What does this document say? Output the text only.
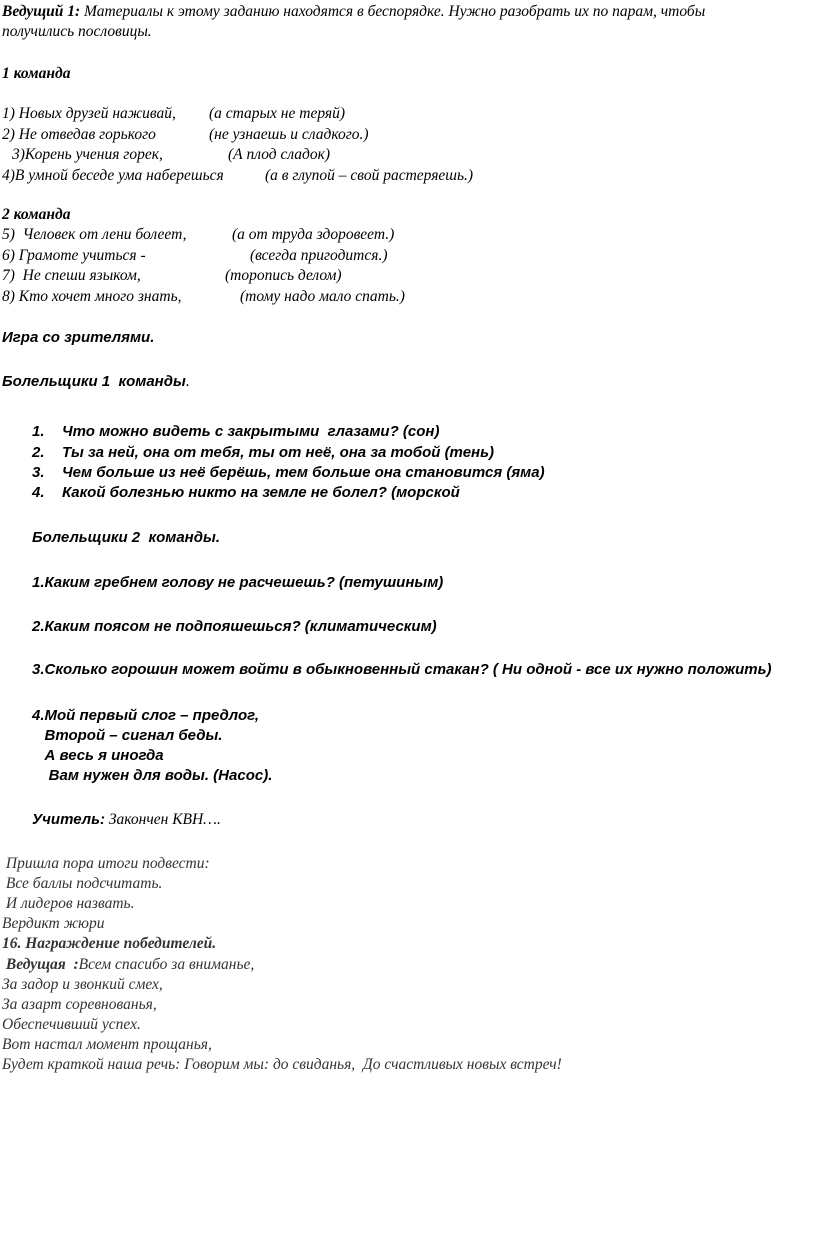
Ведущий 1: Материалы к этому заданию находятся в беспорядке. Нужно разобрать их по парам, чтобы
получились пословицы.
1 команда
1) Новых друзей наживай, (а старых не теряй)
2) Не отведав горького	(не узнаешь и сладкого.)
3)Корень учения горек,	(А плод сладок)
4)В умной беседе ума наберешься	(а в глупой – свой растеряешь.)
2 команда
5)  Человек от лени болеет,	(а от труда здоровеет.)
6) Грамоте учиться -	(всегда пригодится.)
7)  Не спеши языком,	(торопись делом)
8) Кто хочет много знать,	(тому надо мало спать.)
Игра со зрителями.
Болельщики 1  команды.
1.	Что можно видеть с закрытыми  глазами? (сон)
2.	Ты за ней, она от тебя, ты от неё, она за тобой (тень)
3.	Чем больше из неё берёшь, тем больше она становится (яма)
4.	Какой болезнью никто на земле не болел? (морской
Болельщики 2  команды.
1.Каким гребнем голову не расчешешь? (петушиным)
2.Каким поясом не подпояшешься? (климатическим)
3.Сколько горошин может войти в обыкновенный стакан? ( Ни одной - все их нужно положить)
4.Мой первый слог – предлог,
Второй – сигнал беды.
А весь я иногда
Вам нужен для воды. (Насос).
Учитель: Закончен КВН….
Пришла пора итоги подвести:
Все баллы подсчитать.
И лидеров назвать.
Вердикт жюри
16. Награждение победителей.
Ведущая  :Всем спасибо за вниманье,
За задор и звонкий смех,
За азарт соревнованья,
Обеспечивший успех.
Вот настал момент прощанья,
Будет краткой наша речь: Говорим мы: до свиданья,  До счастливых новых встреч!
